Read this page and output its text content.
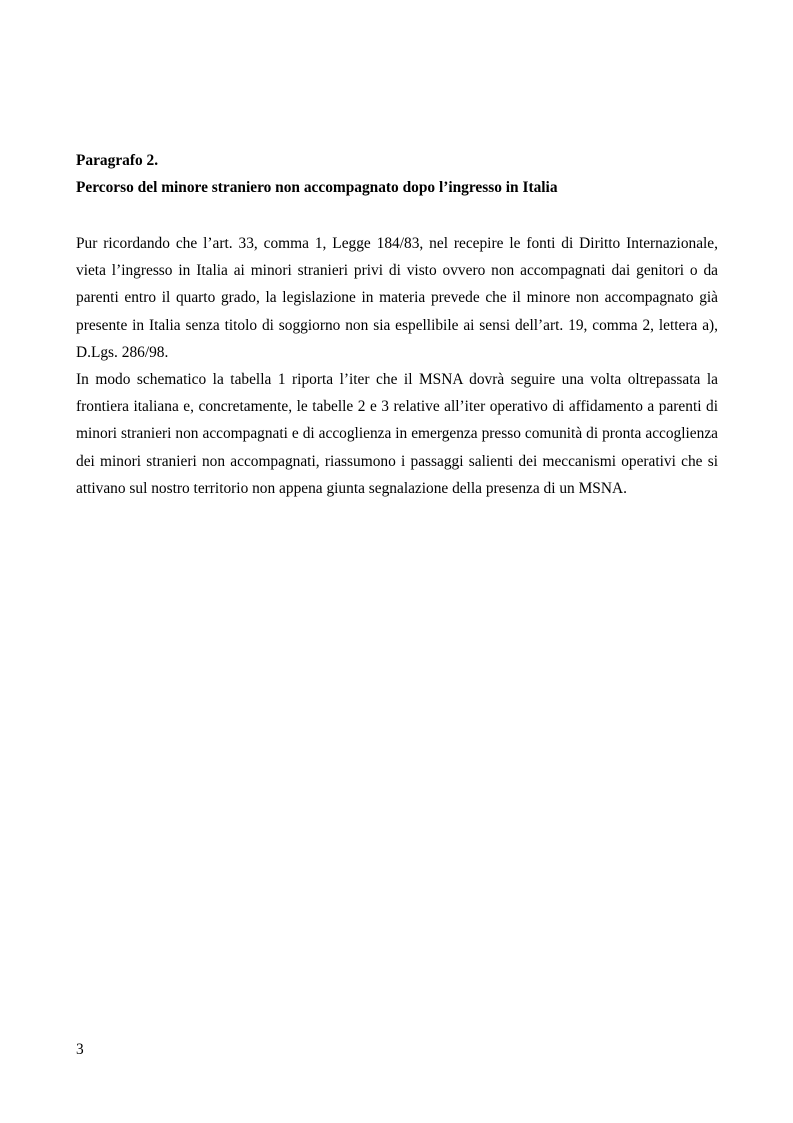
Paragrafo 2.

Percorso del minore straniero non accompagnato dopo l’ingresso in Italia

Pur ricordando che l’art. 33, comma 1, Legge 184/83, nel recepire le fonti di Diritto Internazionale, vieta l’ingresso in Italia ai minori stranieri privi di visto ovvero non accompagnati dai genitori o da parenti entro il quarto grado, la legislazione in materia prevede che il minore non accompagnato già presente in Italia senza titolo di soggiorno non sia espellibile ai sensi dell’art. 19, comma 2, lettera a), D.Lgs. 286/98.

In modo schematico la tabella 1 riporta l’iter che il MSNA dovrà seguire una volta oltrepassata la frontiera italiana e, concretamente, le tabelle 2 e 3 relative all’iter operativo di affidamento a parenti di minori stranieri non accompagnati e di accoglienza in emergenza presso comunità di pronta accoglienza dei minori stranieri non accompagnati, riassumono i passaggi salienti dei meccanismi operativi che si attivano sul nostro territorio non appena giunta segnalazione della presenza di un MSNA.

3
